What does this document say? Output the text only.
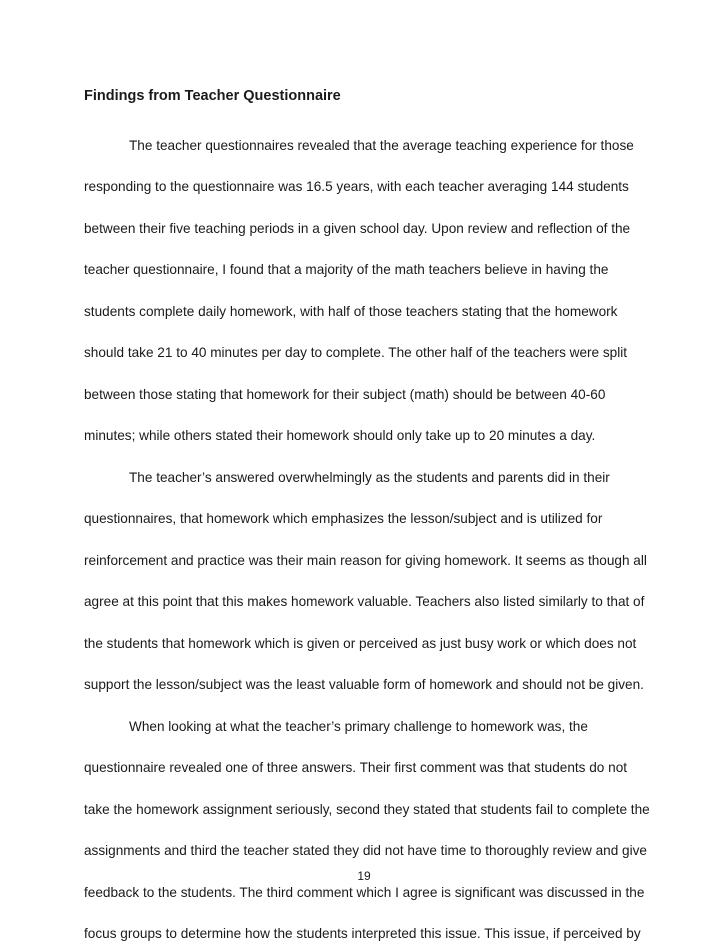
Findings from Teacher Questionnaire
The teacher questionnaires revealed that the average teaching experience for those
responding to the questionnaire was 16.5 years, with each teacher averaging 144 students
between their five teaching periods in a given school day. Upon review and reflection of the
teacher questionnaire, I found that a majority of the math teachers believe in having the
students complete daily homework, with half of those teachers stating that the homework
should take 21 to 40 minutes per day to complete. The other half of the teachers were split
between those stating that homework for their subject (math) should be between 40-60
minutes; while others stated their homework should only take up to 20 minutes a day.
The teacher’s answered overwhelmingly as the students and parents did in their
questionnaires, that homework which emphasizes the lesson/subject and is utilized for
reinforcement and practice was their main reason for giving homework. It seems as though all
agree at this point that this makes homework valuable. Teachers also listed similarly to that of
the students that homework which is given or perceived as just busy work or which does not
support the lesson/subject was the least valuable form of homework and should not be given.
When looking at what the teacher’s primary challenge to homework was, the
questionnaire revealed one of three answers. Their first comment was that students do not
take the homework assignment seriously, second they stated that students fail to complete the
assignments and third the teacher stated they did not have time to thoroughly review and give
feedback to the students. The third comment which I agree is significant was discussed in the
focus groups to determine how the students interpreted this issue. This issue, if perceived by
19
